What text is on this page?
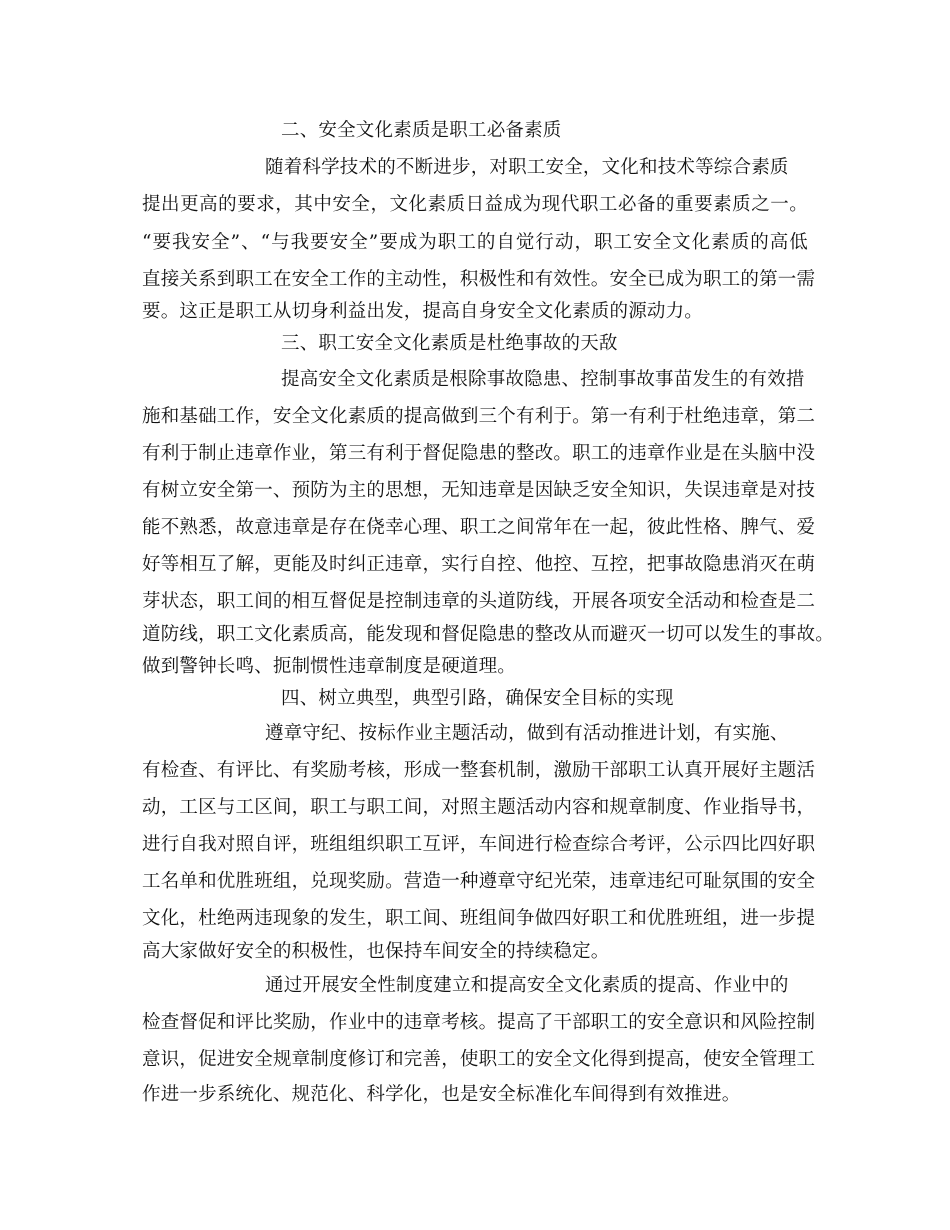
二、安全文化素质是职工必备素质
随着科学技术的不断进步，对职工安全，文化和技术等综合素质
提出更高的要求，其中安全，文化素质日益成为现代职工必备的重要素质之一。
“要我安全”、“与我要安全”要成为职工的自觉行动，职工安全文化素质的高低
直接关系到职工在安全工作的主动性，积极性和有效性。安全已成为职工的第一需
要。这正是职工从切身利益出发，提高自身安全文化素质的源动力。
三、职工安全文化素质是杜绝事故的天敌
提高安全文化素质是根除事故隐患、控制事故事苗发生的有效措
施和基础工作，安全文化素质的提高做到三个有利于。第一有利于杜绝违章，第二
有利于制止违章作业，第三有利于督促隐患的整改。职工的违章作业是在头脑中没
有树立安全第一、预防为主的思想，无知违章是因缺乏安全知识，失误违章是对技
能不熟悉，故意违章是存在侥幸心理、职工之间常年在一起，彼此性格、脾气、爱
好等相互了解，更能及时纠正违章，实行自控、他控、互控，把事故隐患消灭在萌
芽状态，职工间的相互督促是控制违章的头道防线，开展各项安全活动和检查是二
道防线，职工文化素质高，能发现和督促隐患的整改从而避灭一切可以发生的事故。
做到警钟长鸣、扼制惯性违章制度是硬道理。
四、树立典型，典型引路，确保安全目标的实现
遵章守纪、按标作业主题活动，做到有活动推进计划，有实施、
有检查、有评比、有奖励考核，形成一整套机制，激励干部职工认真开展好主题活
动，工区与工区间，职工与职工间，对照主题活动内容和规章制度、作业指导书，
进行自我对照自评，班组组织职工互评，车间进行检查综合考评，公示四比四好职
工名单和优胜班组，兑现奖励。营造一种遵章守纪光荣，违章违纪可耻氛围的安全
文化，杜绝两违现象的发生，职工间、班组间争做四好职工和优胜班组，进一步提
高大家做好安全的积极性，也保持车间安全的持续稳定。
通过开展安全性制度建立和提高安全文化素质的提高、作业中的
检查督促和评比奖励，作业中的违章考核。提高了干部职工的安全意识和风险控制
意识，促进安全规章制度修订和完善，使职工的安全文化得到提高，使安全管理工
作进一步系统化、规范化、科学化，也是安全标准化车间得到有效推进。
